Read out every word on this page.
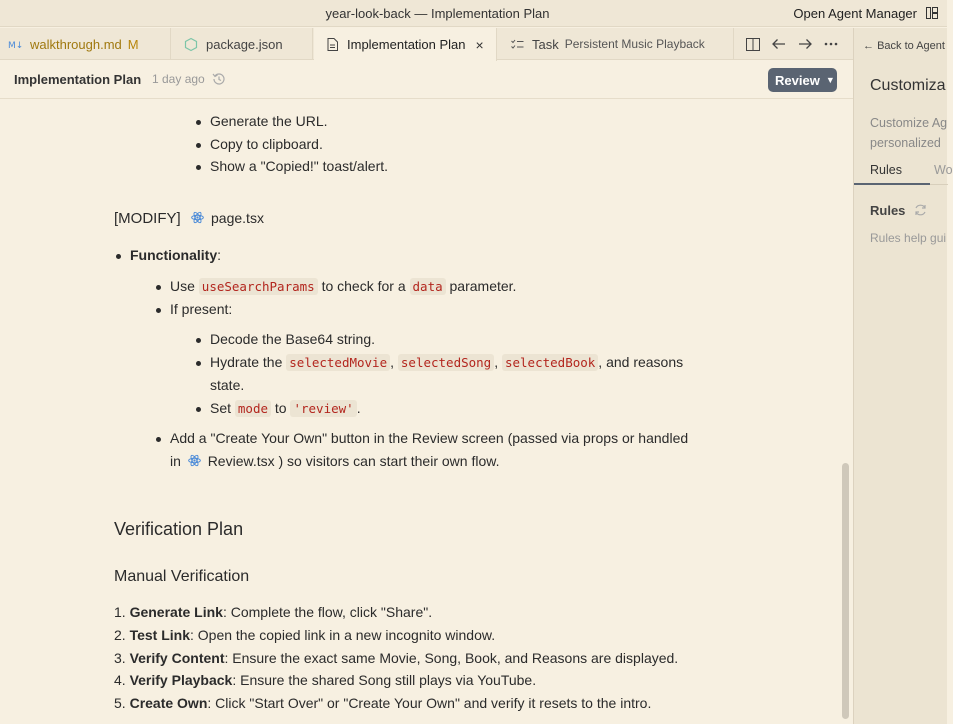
year-look-back — Implementation Plan	Open Agent Manager
M↓ walkthrough.md M	package.json	Implementation Plan ×	Task Persistent Music Playback
Implementation Plan 1 day ago	Review ▼
Generate the URL.
Copy to clipboard.
Show a "Copied!" toast/alert.
[MODIFY] page.tsx
Functionality:
Use useSearchParams to check for a data parameter.
If present:
Decode the Base64 string.
Hydrate the selectedMovie , selectedSong , selectedBook , and reasons
state.
Set mode to 'review' .
Add a "Create Your Own" button in the Review screen (passed via props or handled
in Review.tsx ) so visitors can start their own flow.
Verification Plan
Manual Verification
1. Generate Link: Complete the flow, click "Share".
2. Test Link: Open the copied link in a new incognito window.
3. Verify Content: Ensure the exact same Movie, Song, Book, and Reasons are displayed.
4. Verify Playback: Ensure the shared Song still plays via YouTube.
5. Create Own: Click "Start Over" or "Create Your Own" and verify it resets to the intro.
← Back to Agent
Customiza
Customize Ag
personalized
Rules	Wo
Rules
Rules help gui
